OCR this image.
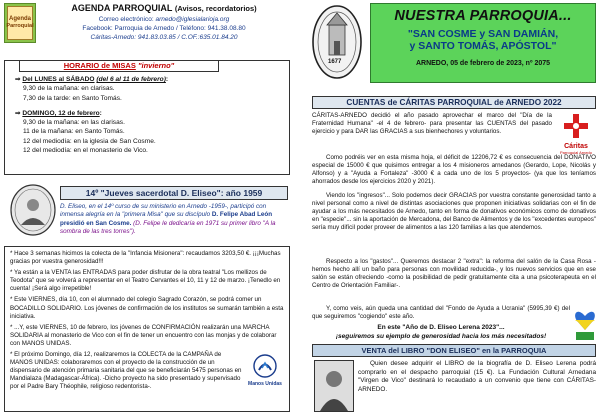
Agenda
Parroquial
AGENDA PARROQUIAL (Avisos, recordatorios)
Correo electrónico: arnedo@iglesialarioja.org
Facebook: Parroquia de Arnedo / Teléfono: 941.38.08.80
Cáritas-Arnedo: 941.83.03.85 / C.OF.:635.01.84.20
HORARIO de MISAS "invierno"
⇒ Del LUNES al SÁBADO (del 6 al 11 de febrero):
9,30 de la mañana: en clarisas.
7,30 de la tarde: en Santo Tomás.
⇒ DOMINGO, 12 de febrero:
9,30 de la mañana: en las clarisas.
11 de la mañana: en Santo Tomás.
12 del mediodía: en la iglesia de San Cosme.
12 del mediodía: en el monasterio de Vico.
14º "Jueves sacerdotal D. Eliseo": año 1959
D. Eliseo, en el 14º curso de su ministerio en Arnedo -1959-, participó con inmensa alegría en la "primera Misa" que su discípulo D. Felipe Abad León presidió en San Cosme. (D. Felipe le dedicaría en 1971 su primer libro "A la sombra de las tres torres").

* Hace 3 semanas hicimos la colecta de la "Infancia Misionera": recaudamos 3203,50 €. ¡¡¡Muchas gracias por vuestra generosidad!!!

* Ya están a la VENTA las ENTRADAS para poder disfrutar de la obra teatral "Los mellizos de Teodota" que se volverá a representar en el Teatro Cervantes el 10, 11 y 12 de marzo. ¡Tenedlo en cuenta! ¡Será algo irrepetible!

* Este VIERNES, día 10, con el alumnado del colegio Sagrado Corazón, se podrá comer un BOCADILLO SOLIDARIO. Los jóvenes de confirmación de los institutos se sumarán también a esta iniciativa.

* ...Y, este VIERNES, 10 de febrero, los jóvenes de CONFIRMACIÓN realizarán una MARCHA SOLIDARIA al monasterio de Vico con el fin de tener un encuentro con las monjas y de colaborar con MANOS UNIDAS.

* El próximo Domingo, día 12, realizaremos la COLECTA de la CAMPAÑA de MANOS UNIDAS: colaboraremos con el proyecto de la construcción de un dispensario de atención primaria sanitaria del que se beneficiarán 5475 personas en Mandialaza (Madagascar-África). -Dicho proyecto ha sido presentado y supervisado por el Padre Bary Théophile, religioso redentorista-.	Manos Unidas
1677
NUESTRA PARROQUIA...
"SAN COSME y SAN DAMIÁN,
y SANTO TOMÁS, APÓSTOL"
ARNEDO, 05 de febrero de 2023, nº 2075
CUENTAS de CÁRITAS PARROQUIAL de ARNEDO 2022
Cáritas
Parroquial Arnedo
CÁRITAS-ARNEDO decidió el año pasado aprovechar el marco del "Día de la Fraternidad Humana" -el 4 de febrero- para presentar las CUENTAS del pasado ejercicio y para DAR las GRACIAS a sus bienhechores y voluntarios.
Como podréis ver en esta misma hoja, el déficit de 12206,72 € es consecuencia del DONATIVO especial de 15000 € que quisimos entregar a los 4 misioneros arnedanos (Gerardo, Lope, Nicolás y Alfonso) y a "Ayuda a Fortaleza" -3000 € a cada uno de los 5 proyectos- (ya que los teníamos ahorrados desde los ejercicios 2020 y 2021).
Viendo los "ingresos"... Solo podemos decir GRACIAS por vuestra constante generosidad tanto a nivel personal como a nivel de distintas asociaciones que proponen iniciativas solidarias con el fin de ayudar a los más necesitados de Arnedo, tanto en forma de donativos económicos como de donativos en "especie"... sin la aportación de Mercadona, del Banco de Alimentos y de los "excedentes europeos" sería muy difícil poder proveer de alimentos a las 120 familias a las que atendemos.
Respecto a los "gastos"... Queremos destacar 2 "extra": la reforma del salón de la Casa Rosa -hemos hecho allí un baño para personas con movilidad reducida-, y los nuevos servicios que en ese salón se están ofreciendo -como la posibilidad de pedir gratuitamente cita a una psicoterapeuta en el Centro de Orientación Familiar-.
Y, como veis, aún queda una cantidad del "Fondo de Ayuda a Ucrania" (5995,39 €) del que seguiremos "cogiendo" este año.
En este "Año de D. Eliseo Lerena 2023"...
¡seguiremos su ejemplo de generosidad hacia los más necesitados!
VENTA del LIBRO "DON ELISEO" en la PARROQUIA
Quien desee adquirir el LIBRO de la biografía de D. Eliseo Lerena podrá comprarlo en el despacho parroquial (15 €). La Fundación Cultural Arnedana "Virgen de Vico" destinará lo recaudado a un convenio que tiene con CÁRITAS-ARNEDO.
